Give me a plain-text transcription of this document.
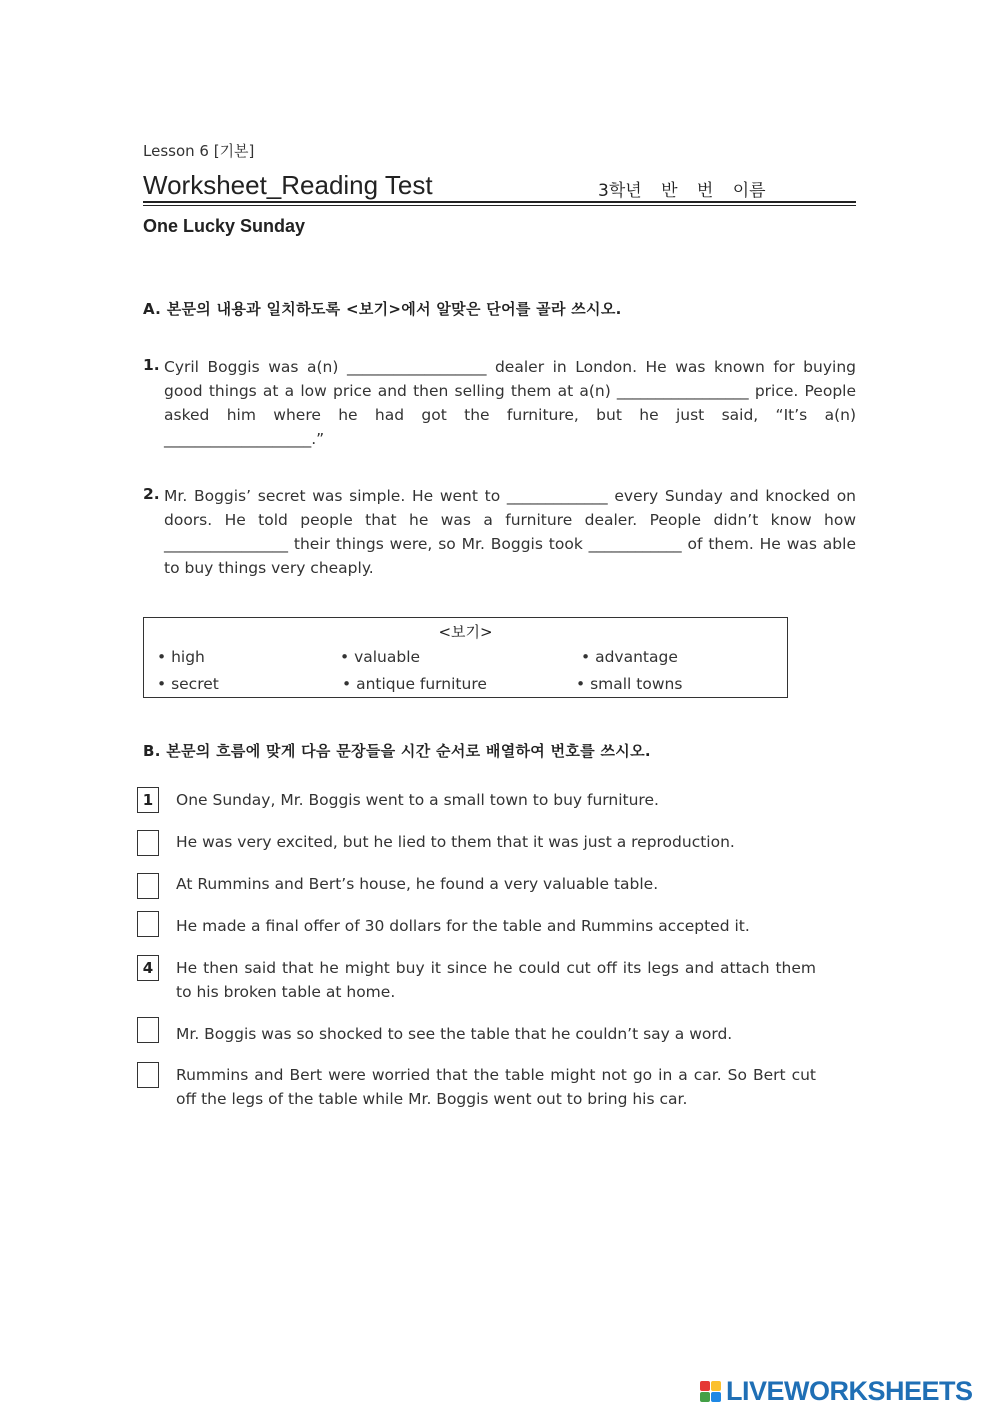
Lesson 6 [기본]
Worksheet_Reading Test	3학년 반 번 이름
One Lucky Sunday
A. 본문의 내용과 일치하도록 <보기>에서 알맞은 단어를 골라 쓰시오.
1. Cyril Boggis was a(n) __________________ dealer in London. He was known for buying good things at a low price and then selling them at a(n) _________________ price. People asked him where he had got the furniture, but he just said, “It’s a(n) ___________________.”
2. Mr. Boggis’ secret was simple. He went to _____________ every Sunday and knocked on doors. He told people that he was a furniture dealer. People didn’t know how ________________ their things were, so Mr. Boggis took ____________ of them. He was able to buy things very cheaply.
<보기>
• high	• valuable	• advantage
• secret	• antique furniture	• small towns
B. 본문의 흐름에 맞게 다음 문장들을 시간 순서로 배열하여 번호를 쓰시오.
1	One Sunday, Mr. Boggis went to a small town to buy furniture.
He was very excited, but he lied to them that it was just a reproduction.
At Rummins and Bert’s house, he found a very valuable table.
He made a final offer of 30 dollars for the table and Rummins accepted it.
4	He then said that he might buy it since he could cut off its legs and attach them to his broken table at home.
Mr. Boggis was so shocked to see the table that he couldn’t say a word.
Rummins and Bert were worried that the table might not go in a car. So Bert cut off the legs of the table while Mr. Boggis went out to bring his car.
LIVEWORKSHEETS
